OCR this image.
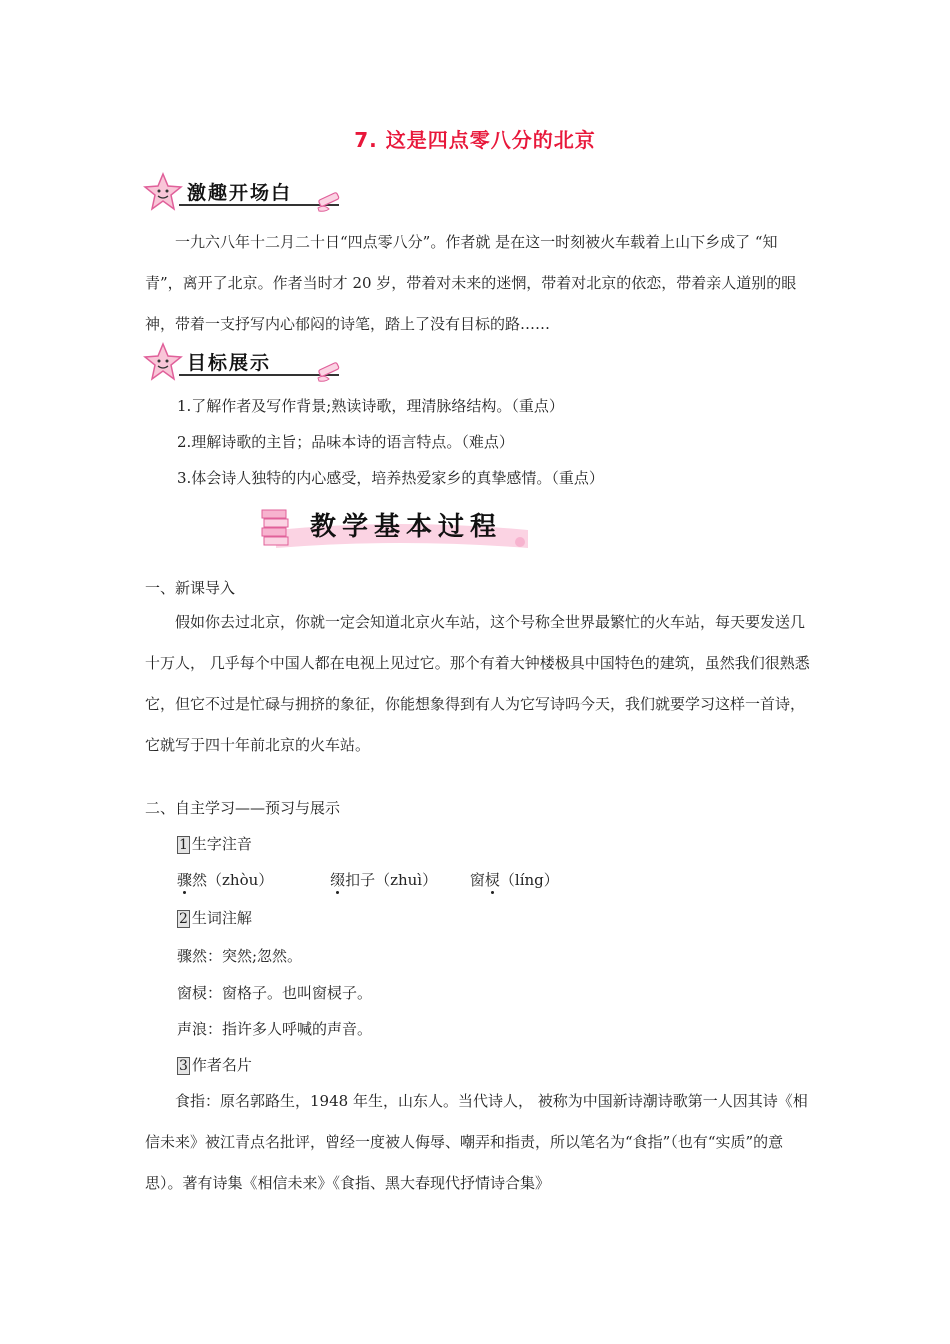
7. 这是四点零八分的北京
激趣开场白

一九六八年十二月二十日“四点零八分”。作者就 是在这一时刻被火车载着上山下乡成了 “知青”，离开了北京。作者当时才 20 岁，带着对未来的迷惘，带着对北京的依恋，带着亲人道别的眼神，带着一支抒写内心郁闷的诗笔，踏上了没有目标的路……

目标展示
1.了解作者及写作背景;熟读诗歌，理清脉络结构。（重点）
2.理解诗歌的主旨；品味本诗的语言特点。（难点）
3.体会诗人独特的内心感受，培养热爱家乡的真挚感情。（重点）
教学基本过程
一、新课导入

假如你去过北京，你就一定会知道北京火车站，这个号称全世界最繁忙的火车站，每天要发送几十万人， 几乎每个中国人都在电视上见过它。那个有着大钟楼极具中国特色的建筑，虽然我们很熟悉它，但它不过是忙碌与拥挤的象征，你能想象得到有人为它写诗吗今天，我们就要学习这样一首诗，它就写于四十年前北京的火车站。

二、自主学习——预习与展示
1 生字注音
骤然（zhòu）	缀扣子（zhuì） 窗棂（líng）
2 生词注解
骤然：突然;忽然。
窗棂：窗格子。也叫窗棂子。
声浪：指许多人呼喊的声音。
3 作者名片

食指：原名郭路生，1948 年生，山东人。当代诗人， 被称为中国新诗潮诗歌第一人因其诗《相信未来》被江青点名批评，曾经一度被人侮辱、嘲弄和指责，所以笔名为“食指”（也有“实质”的意思）。著有诗集《相信未来》《食指、黑大春现代抒情诗合集》
